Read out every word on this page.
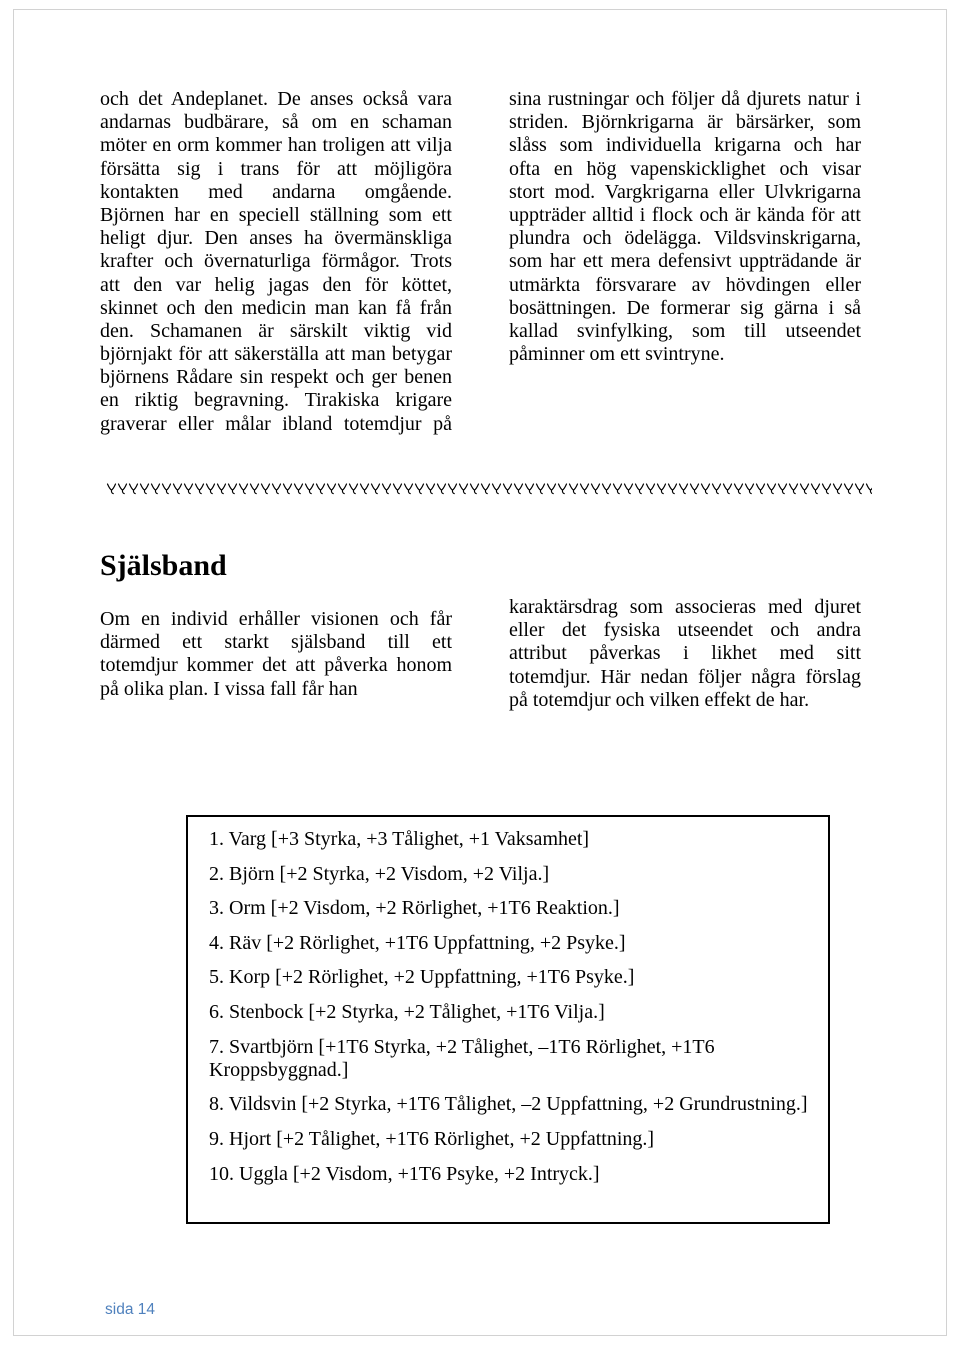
och det Andeplanet. De anses också vara
andarnas budbärare, så om en schaman
möter en orm kommer han troligen att vilja
försätta sig i trans för att möjligöra
kontakten med andarna omgående.
Björnen har en speciell ställning som ett
heligt djur. Den anses ha övermänskliga
krafter och övernaturliga förmågor. Trots
att den var helig jagas den för köttet,
skinnet och den medicin man kan få från
den. Schamanen är särskilt viktig vid
björnjakt för att säkerställa att man betygar
björnens Rådare sin respekt och ger benen
en riktig begravning. Tirakiska krigare
graverar eller målar ibland totemdjur på
sina rustningar och följer då djurets natur i
striden. Björnkrigarna är bärsärker, som
slåss som individuella krigarna och har
ofta en hög vapenskicklighet och visar
stort mod. Vargkrigarna eller Ulvkrigarna
uppträder alltid i flock och är kända för att
plundra och ödelägga. Vildsvinskrigarna,
som har ett mera defensivt uppträdande är
utmärkta försvarare av hövdingen eller
bosättningen. De formerar sig gärna i så
kallad svinfylking, som till utseendet
påminner om ett svintryne.
Själsband
Om en individ erhåller visionen och får
därmed ett starkt själsband till ett
totemdjur kommer det att påverka honom
på olika plan. I vissa fall får han
karaktärsdrag som associeras med djuret
eller det fysiska utseendet och andra
attribut påverkas i likhet med sitt
totemdjur. Här nedan följer några förslag
på totemdjur och vilken effekt de har.

1. Varg [+3 Styrka, +3 Tålighet, +1 Vaksamhet]

2. Björn [+2 Styrka, +2 Visdom, +2 Vilja.]

3. Orm [+2 Visdom, +2 Rörlighet, +1T6 Reaktion.]

4. Räv [+2 Rörlighet, +1T6 Uppfattning, +2 Psyke.]

5. Korp [+2 Rörlighet, +2 Uppfattning, +1T6 Psyke.]

6. Stenbock [+2 Styrka, +2 Tålighet, +1T6 Vilja.]

7. Svartbjörn [+1T6 Styrka, +2 Tålighet, –1T6 Rörlighet, +1T6 Kroppsbyggnad.]

8. Vildsvin [+2 Styrka, +1T6 Tålighet, –2 Uppfattning, +2 Grundrustning.]

9. Hjort [+2 Tålighet, +1T6 Rörlighet, +2 Uppfattning.]

10. Uggla [+2 Visdom, +1T6 Psyke, +2 Intryck.]

sida 14
